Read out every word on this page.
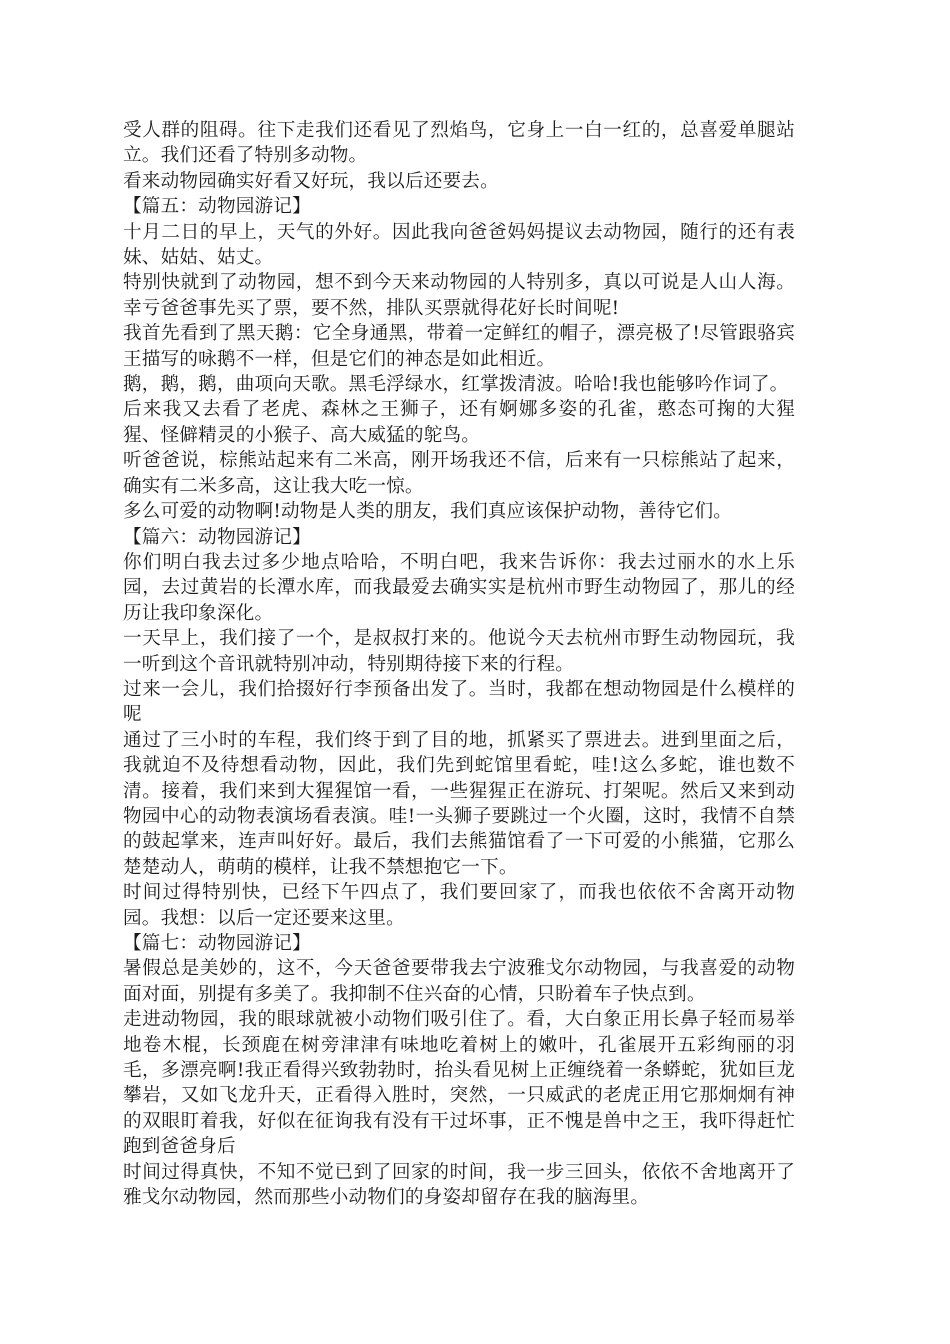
受人群的阻碍。往下走我们还看见了烈焰鸟，它身上一白一红的，总喜爱单腿站立。我们还看了特别多动物。

看来动物园确实好看又好玩，我以后还要去。

【篇五：动物园游记】

十月二日的早上，天气的外好。因此我向爸爸妈妈提议去动物园，随行的还有表妹、姑姑、姑丈。

特别快就到了动物园，想不到今天来动物园的人特别多，真以可说是人山人海。幸亏爸爸事先买了票，要不然，排队买票就得花好长时间呢!

我首先看到了黑天鹅：它全身通黑，带着一定鲜红的帽子，漂亮极了!尽管跟骆宾王描写的咏鹅不一样，但是它们的神态是如此相近。

鹅，鹅，鹅，曲项向天歌。黑毛浮绿水，红掌拨清波。哈哈!我也能够吟作词了。

后来我又去看了老虎、森林之王狮子，还有婀娜多姿的孔雀，憨态可掬的大猩猩、怪僻精灵的小猴子、高大威猛的鸵鸟。

听爸爸说，棕熊站起来有二米高，刚开场我还不信，后来有一只棕熊站了起来，确实有二米多高，这让我大吃一惊。

多么可爱的动物啊!动物是人类的朋友，我们真应该保护动物，善待它们。

【篇六：动物园游记】

你们明白我去过多少地点哈哈，不明白吧，我来告诉你：我去过丽水的水上乐园，去过黄岩的长潭水库，而我最爱去确实实是杭州市野生动物园了，那儿的经历让我印象深化。

一天早上，我们接了一个，是叔叔打来的。他说今天去杭州市野生动物园玩，我一听到这个音讯就特别冲动，特别期待接下来的行程。

过来一会儿，我们拾掇好行李预备出发了。当时，我都在想动物园是什么模样的呢

通过了三小时的车程，我们终于到了目的地，抓紧买了票进去。进到里面之后，我就迫不及待想看动物，因此，我们先到蛇馆里看蛇，哇!这么多蛇，谁也数不清。接着，我们来到大猩猩馆一看，一些猩猩正在游玩、打架呢。然后又来到动物园中心的动物表演场看表演。哇!一头狮子要跳过一个火圈，这时，我情不自禁的鼓起掌来，连声叫好好。最后，我们去熊猫馆看了一下可爱的小熊猫，它那么楚楚动人，萌萌的模样，让我不禁想抱它一下。

时间过得特别快，已经下午四点了，我们要回家了，而我也依依不舍离开动物园。我想：以后一定还要来这里。

【篇七：动物园游记】

暑假总是美妙的，这不，今天爸爸要带我去宁波雅戈尔动物园，与我喜爱的动物面对面，别提有多美了。我抑制不住兴奋的心情，只盼着车子快点到。

走进动物园，我的眼球就被小动物们吸引住了。看，大白象正用长鼻子轻而易举地卷木棍，长颈鹿在树旁津津有味地吃着树上的嫩叶，孔雀展开五彩绚丽的羽毛，多漂亮啊!我正看得兴致勃勃时，抬头看见树上正缠绕着一条蟒蛇，犹如巨龙攀岩，又如飞龙升天，正看得入胜时，突然，一只威武的老虎正用它那炯炯有神的双眼盯着我，好似在征询我有没有干过坏事，正不愧是兽中之王，我吓得赶忙跑到爸爸身后

时间过得真快，不知不觉已到了回家的时间，我一步三回头，依依不舍地离开了雅戈尔动物园，然而那些小动物们的身姿却留存在我的脑海里。
